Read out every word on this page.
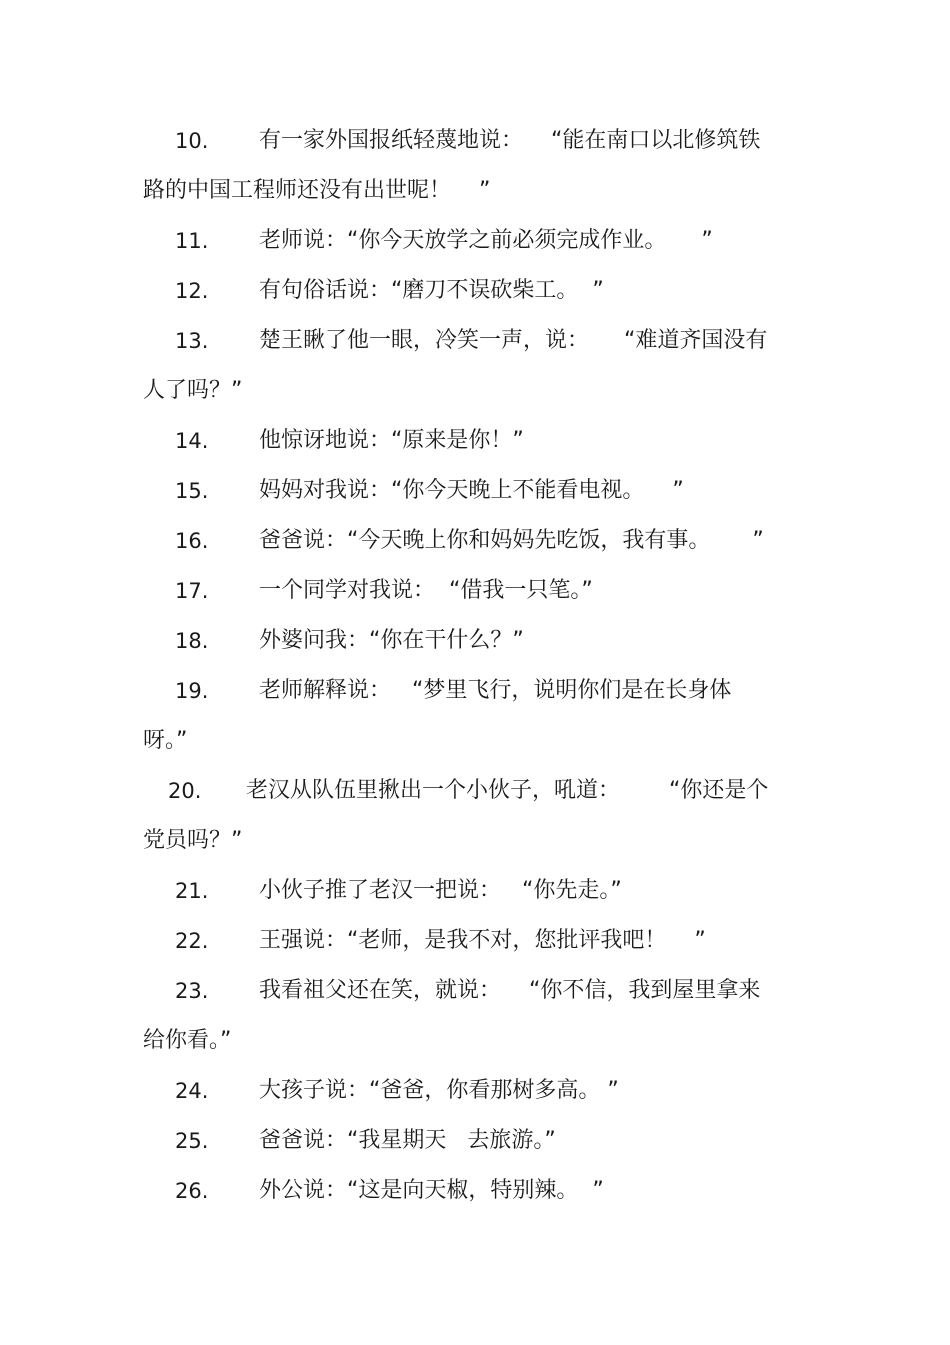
10. 有一家外国报纸轻蔑地说：    “能在南口以北修筑铁
路的中国工程师还没有出世呢！    ”
11. 老师说：“你今天放学之前必须完成作业。     ”
12. 有句俗话说：“磨刀不误砍柴工。  ”
13. 楚王瞅了他一眼，冷笑一声，说：     “难道齐国没有
人了吗？”
14. 他惊讶地说：“原来是你！”
15. 妈妈对我说：“你今天晚上不能看电视。    ”
16. 爸爸说：“今天晚上你和妈妈先吃饭，我有事。      ”
17. 一个同学对我说：  “借我一只笔。”
18. 外婆问我：“你在干什么？”
19. 老师解释说：   “梦里飞行，说明你们是在长身体
呀。”
20. 老汉从队伍里揪出一个小伙子，吼道：       “你还是个
党员吗？”
21. 小伙子推了老汉一把说：   “你先走。”
22. 王强说：“老师，是我不对，您批评我吧！    ”
23. 我看祖父还在笑，就说：    “你不信，我到屋里拿来
给你看。”
24. 大孩子说：“爸爸，你看那树多高。 ”
25. 爸爸说：“我星期天   去旅游。”
26. 外公说：“这是向天椒，特别辣。  ”
